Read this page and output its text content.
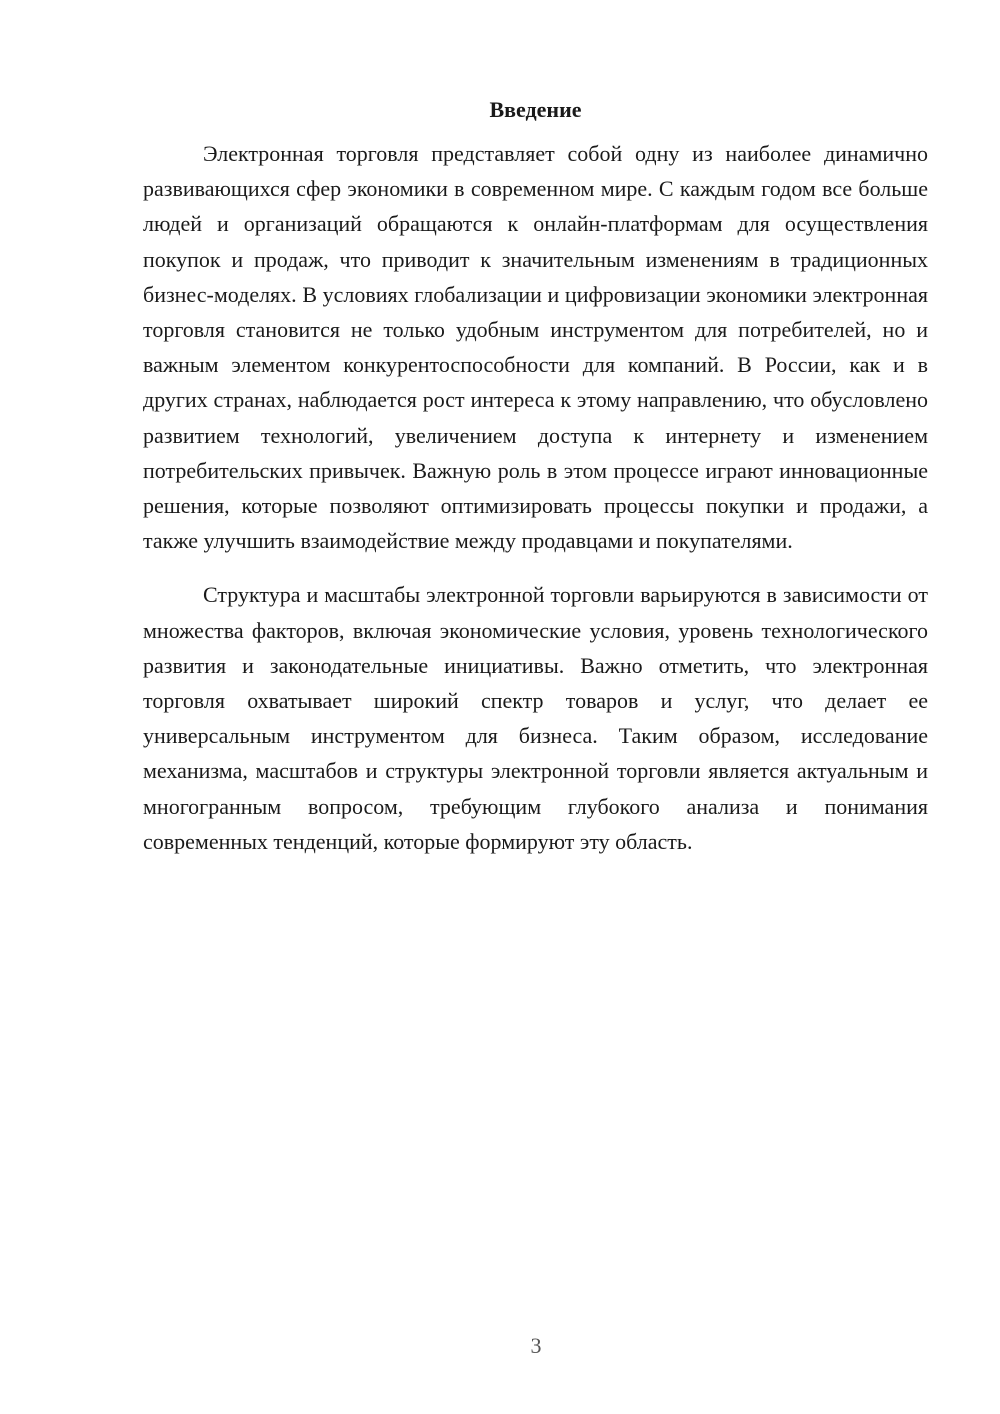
Введение

Электронная торговля представляет собой одну из наиболее динамично развивающихся сфер экономики в современном мире. С каждым годом все больше людей и организаций обращаются к онлайн-платформам для осуществления покупок и продаж, что приводит к значительным изменениям в традиционных бизнес-моделях. В условиях глобализации и цифровизации экономики электронная торговля становится не только удобным инструментом для потребителей, но и важным элементом конкурентоспособности для компаний. В России, как и в других странах, наблюдается рост интереса к этому направлению, что обусловлено развитием технологий, увеличением доступа к интернету и изменением потребительских привычек. Важную роль в этом процессе играют инновационные решения, которые позволяют оптимизировать процессы покупки и продажи, а также улучшить взаимодействие между продавцами и покупателями.

Структура и масштабы электронной торговли варьируются в зависимости от множества факторов, включая экономические условия, уровень технологического развития и законодательные инициативы. Важно отметить, что электронная торговля охватывает широкий спектр товаров и услуг, что делает ее универсальным инструментом для бизнеса. Таким образом, исследование механизма, масштабов и структуры электронной торговли является актуальным и многогранным вопросом, требующим глубокого анализа и понимания современных тенденций, которые формируют эту область.

3
